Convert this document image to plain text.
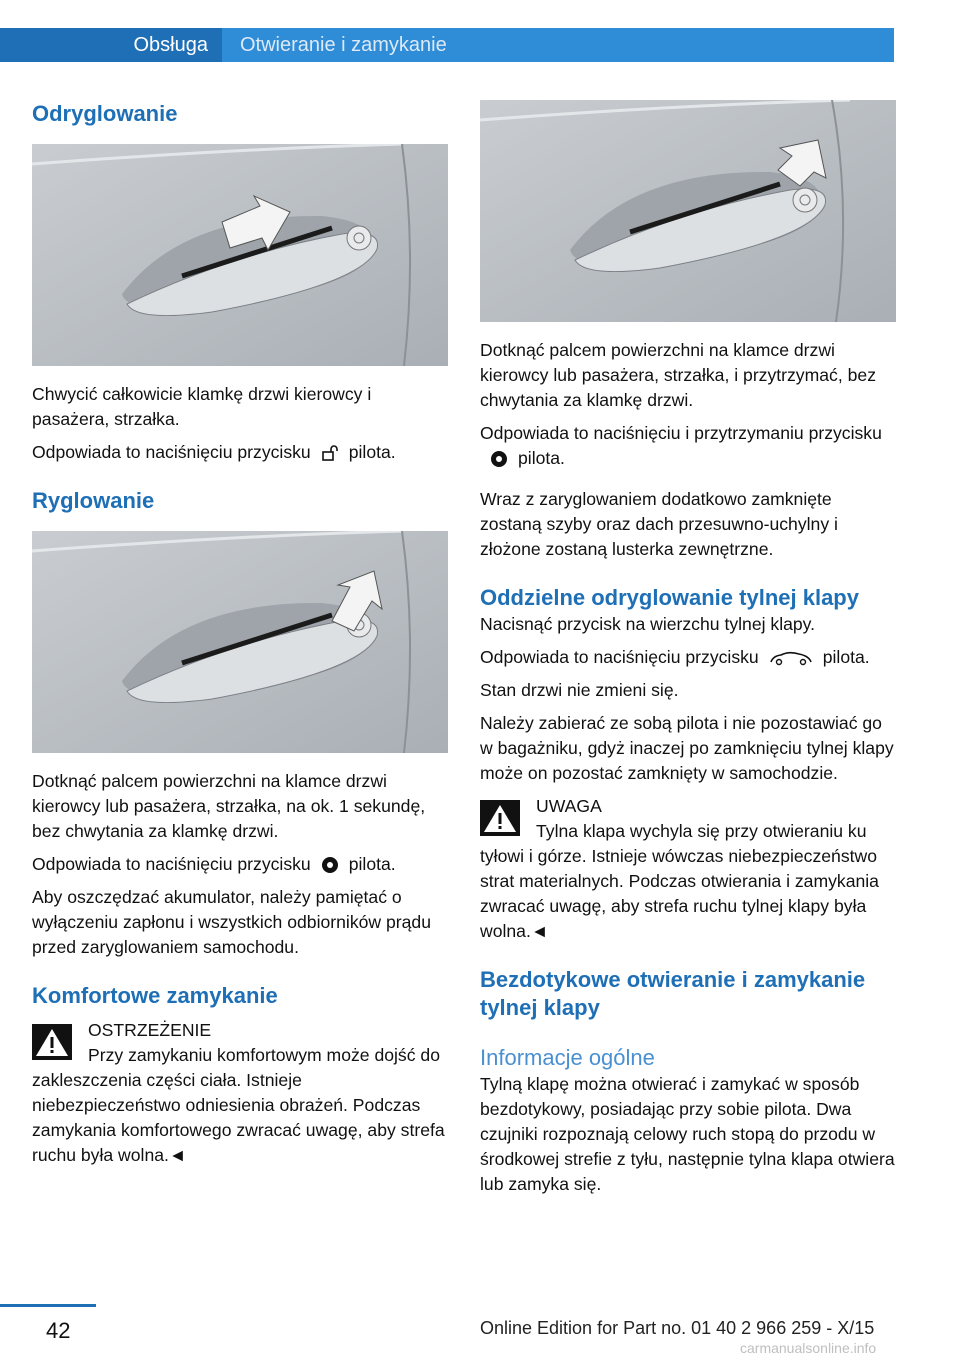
Obsługa	Otwieranie i zamykanie
Odryglowanie

Chwycić całkowicie klamkę drzwi kierowcy i pasażera, strzałka.

Odpowiada to naciśnięciu przycisku pilota.

Ryglowanie

Dotknąć palcem powierzchni na klamce drzwi kierowcy lub pasażera, strzałka, na ok. 1 sekundę, bez chwytania za klamkę drzwi.

Odpowiada to naciśnięciu przycisku pilota.

Aby oszczędzać akumulator, należy pamiętać o wyłączeniu zapłonu i wszystkich odbiorników prądu przed zaryglowaniem samochodu.

Komfortowe zamykanie

OSTRZEŻENIE

Przy zamykaniu komfortowym może dojść do zakleszczenia części ciała. Istnieje niebezpieczeństwo odniesienia obrażeń. Podczas zamykania komfortowego zwracać uwagę, aby strefa ruchu była wolna.◄

Dotknąć palcem powierzchni na klamce drzwi kierowcy lub pasażera, strzałka, i przytrzymać, bez chwytania za klamkę drzwi.

Odpowiada to naciśnięciu i przytrzymaniu przyciskupilota.

Wraz z zaryglowaniem dodatkowo zamknięte zostaną szyby oraz dach przesuwno-uchylny i złożone zostaną lusterka zewnętrzne.

Oddzielne odryglowanie tylnej klapy

Nacisnąć przycisk na wierzchu tylnej klapy.

Odpowiada to naciśnięciu przycisku	pilota.

Stan drzwi nie zmieni się.

Należy zabierać ze sobą pilota i nie pozostawiać go w bagażniku, gdyż inaczej po zamknięciu tylnej klapy może on pozostać zamknięty w samochodzie.

UWAGA

Tylna klapa wychyla się przy otwieraniu ku tyłowi i górze. Istnieje wówczas niebezpieczeństwo strat materialnych. Podczas otwierania i zamykania zwracać uwagę, aby strefa ruchu tylnej klapy była wolna.◄

Bezdotykowe otwieranie i zamykanie tylnej klapy
Informacje ogólne

Tylną klapę można otwierać i zamykać w sposób bezdotykowy, posiadając przy sobie pilota. Dwa czujniki rozpoznają celowy ruch stopą do przodu w środkowej strefie z tyłu, następnie tylna klapa otwiera lub zamyka się.

42	Online Edition for Part no. 01 40 2 966 259 - X/15
carmanualsonline.info
